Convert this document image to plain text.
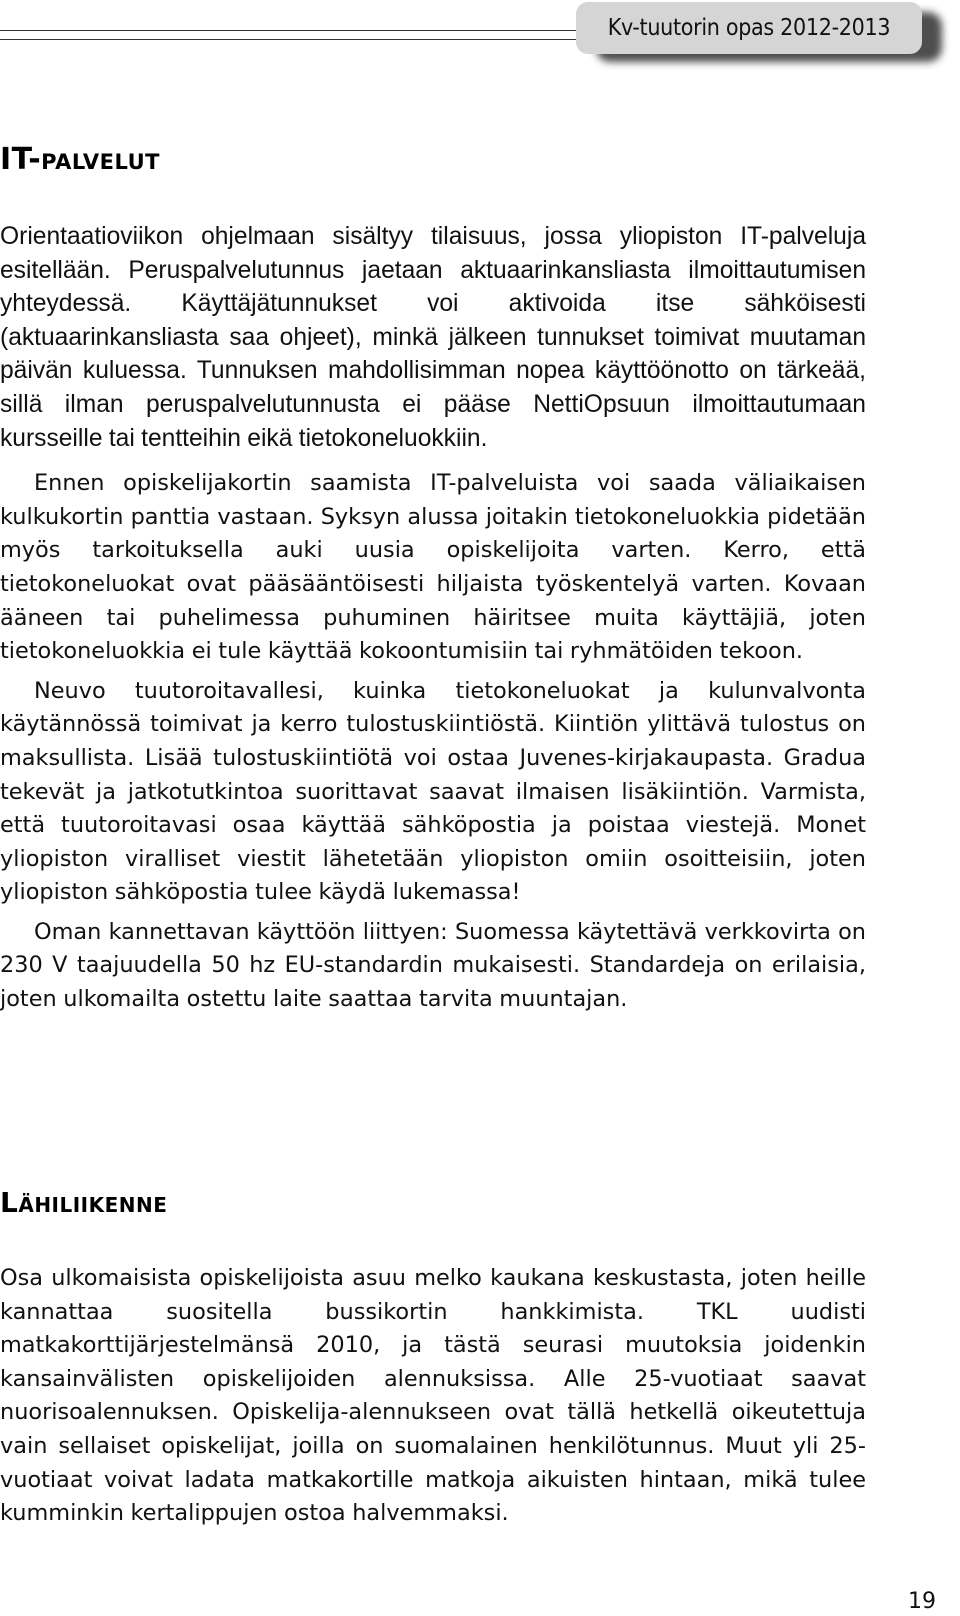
Kv-tuutorin opas 2012-2013
IT-palvelut

Orientaatioviikon ohjelmaan sisältyy tilaisuus, jossa yliopiston IT-palveluja esitellään. Peruspalvelutunnus jaetaan aktuaarinkansliasta ilmoittautumisen yhteydessä. Käyttäjätunnukset voi aktivoida itse sähköisesti (aktuaarinkansliasta saa ohjeet), minkä jälkeen tunnukset toimivat muutaman päivän kuluessa. Tunnuksen mahdollisimman nopea käyttöönotto on tärkeää, sillä ilman peruspalvelutunnusta ei pääse NettiOpsuun ilmoittautumaan kursseille tai tentteihin eikä tietokoneluokkiin.

Ennen opiskelijakortin saamista IT-palveluista voi saada väliaikaisen kulkukortin panttia vastaan. Syksyn alussa joitakin tietokoneluokkia pidetään myös tarkoituksella auki uusia opiskelijoita varten. Kerro, että tietokoneluokat ovat pääsääntöisesti hiljaista työskentelyä varten. Kovaan ääneen tai puhelimessa puhuminen häiritsee muita käyttäjiä, joten tietokoneluokkia ei tule käyttää kokoontumisiin tai ryhmätöiden tekoon.

Neuvo tuutoroitavallesi, kuinka tietokoneluokat ja kulunvalvonta käytännössä toimivat ja kerro tulostuskiintiöstä. Kiintiön ylittävä tulostus on maksullista. Lisää tulostuskiintiötä voi ostaa Juvenes-kirjakaupasta. Gradua tekevät ja jatkotutkintoa suorittavat saavat ilmaisen lisäkiintiön. Varmista, että tuutoroitavasi osaa käyttää sähköpostia ja poistaa viestejä. Monet yliopiston viralliset viestit lähetetään yliopiston omiin osoitteisiin, joten yliopiston sähköpostia tulee käydä lukemassa!

Oman kannettavan käyttöön liittyen: Suomessa käytettävä verkkovirta on 230 V taajuudella 50 hz EU-standardin mukaisesti. Standardeja on erilaisia, joten ulkomailta ostettu laite saattaa tarvita muuntajan.

Lähiliikenne

Osa ulkomaisista opiskelijoista asuu melko kaukana keskustasta, joten heille kannattaa suositella bussikortin hankkimista. TKL uudisti matkakorttijärjestelmänsä 2010, ja tästä seurasi muutoksia joidenkin kansainvälisten opiskelijoiden alennuksissa. Alle 25-vuotiaat saavat nuorisoalennuksen. Opiskelija-alennukseen ovat tällä hetkellä oikeutettuja vain sellaiset opiskelijat, joilla on suomalainen henkilötunnus. Muut yli 25-vuotiaat voivat ladata matkakortille matkoja aikuisten hintaan, mikä tulee kumminkin kertalippujen ostoa halvemmaksi.

19
